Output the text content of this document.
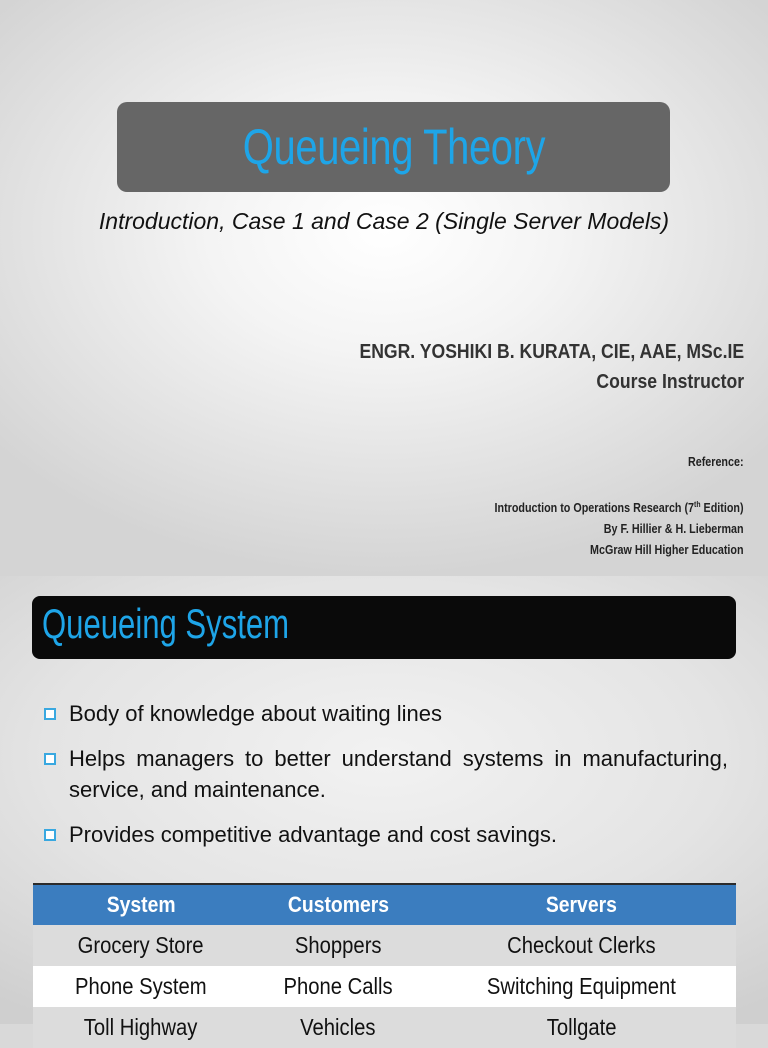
Queueing Theory
Introduction, Case 1 and Case 2 (Single Server Models)
ENGR. YOSHIKI B. KURATA, CIE, AAE, MSc.IE
Course Instructor
Reference:
Introduction to Operations Research (7th Edition)
By F. Hillier & H. Lieberman
McGraw Hill Higher Education
Queueing System
Body of knowledge about waiting lines
Helps managers to better understand systems in manufacturing, service, and maintenance.
Provides competitive advantage and cost savings.
System	Customers	Servers
Grocery Store	Shoppers	Checkout Clerks
Phone System	Phone Calls	Switching Equipment
Toll Highway	Vehicles	Tollgate
